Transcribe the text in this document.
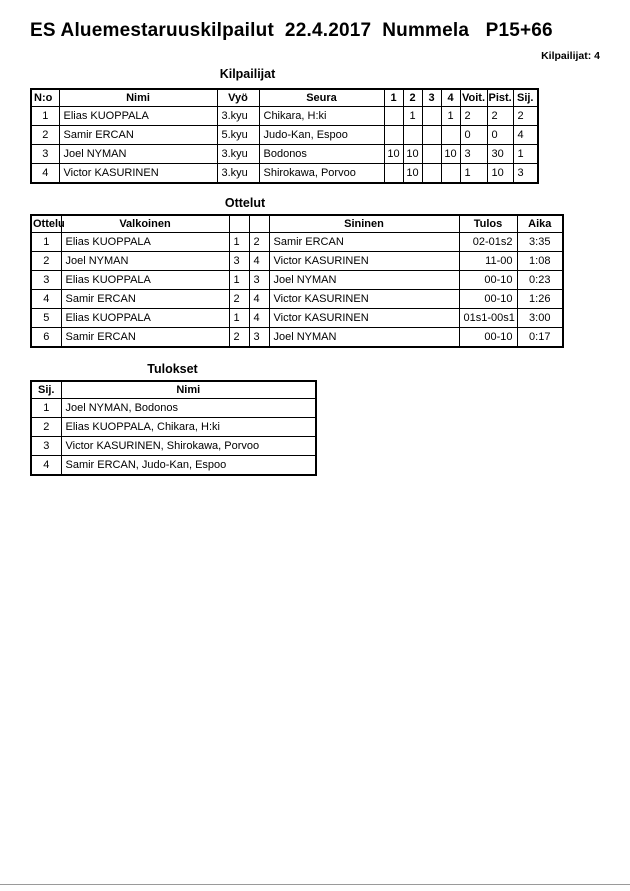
ES Aluemestaruuskilpailut  22.4.2017  Nummela   P15+66
Kilpailijat: 4
Kilpailijat
N:o	Nimi	Vyö	Seura	1	2	3	4	Voit.	Pist.	Sij.
1	Elias KUOPPALA	3.kyu	Chikara, H:ki		1		1	2	2	2
2	Samir ERCAN	5.kyu	Judo-Kan, Espoo					0	0	4
3	Joel NYMAN	3.kyu	Bodonos	10	10		10	3	30	1
4	Victor KASURINEN	3.kyu	Shirokawa, Porvoo		10			1	10	3
Ottelut
Ottelu	Valkoinen			Sininen	Tulos	Aika
1	Elias KUOPPALA	1	2	Samir ERCAN	02-01s2	3:35
2	Joel NYMAN	3	4	Victor KASURINEN	11-00	1:08
3	Elias KUOPPALA	1	3	Joel NYMAN	00-10	0:23
4	Samir ERCAN	2	4	Victor KASURINEN	00-10	1:26
5	Elias KUOPPALA	1	4	Victor KASURINEN	01s1-00s1	3:00
6	Samir ERCAN	2	3	Joel NYMAN	00-10	0:17
Tulokset
Sij.	Nimi
1	Joel NYMAN, Bodonos
2	Elias KUOPPALA, Chikara, H:ki
3	Victor KASURINEN, Shirokawa, Porvoo
4	Samir ERCAN, Judo-Kan, Espoo
